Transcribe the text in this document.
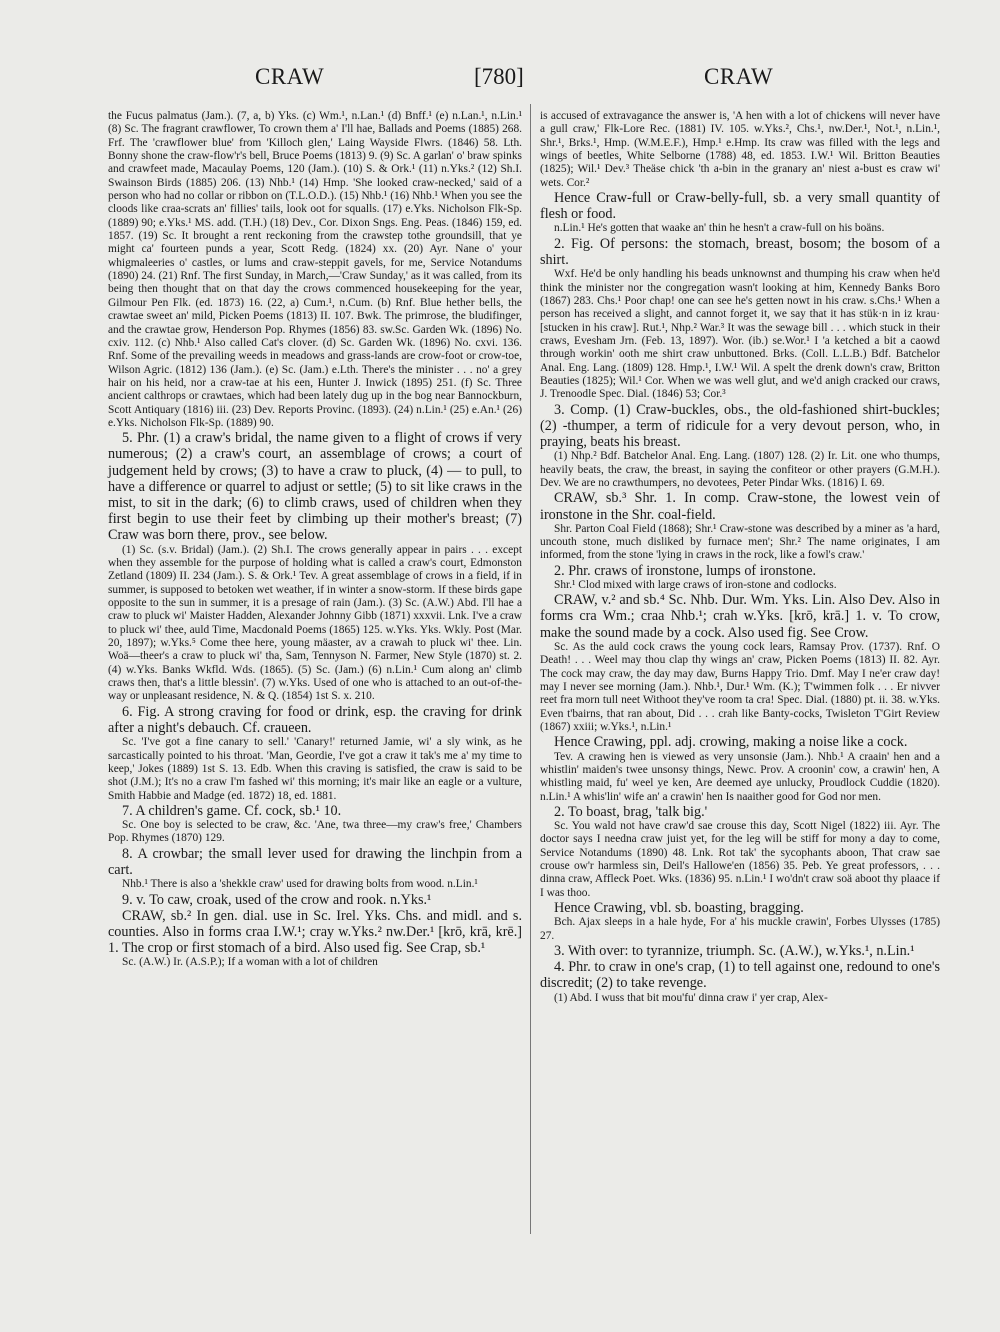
CRAW	[780]	CRAW

the Fucus palmatus (Jam.). (7, a, b) Yks. (c) Wm.¹, n.Lan.¹ (d) Bnff.¹ (e) n.Lan.¹, n.Lin.¹ (8) Sc. The fragrant crawflower, To crown them a' I'll hae, Ballads and Poems (1885) 268. Frf. The 'crawflower blue' from 'Killoch glen,' Laing Wayside Flwrs. (1846) 58. Lth. Bonny shone the craw-flow'r's bell, Bruce Poems (1813) 9. (9) Sc. A garlan' o' braw spinks and crawfeet made, Macaulay Poems, 120 (Jam.). (10) S. & Ork.¹ (11) n.Yks.² (12) Sh.I. Swainson Birds (1885) 206. (13) Nhb.¹ (14) Hmp. 'She looked craw-necked,' said of a person who had no collar or ribbon on (T.L.O.D.). (15) Nhb.¹ (16) Nhb.¹ When you see the cloods like craa-scrats an' fillies' tails, look oot for squalls. (17) e.Yks. Nicholson Flk-Sp. (1889) 90; e.Yks.¹ MS. add. (T.H.) (18) Dev., Cor. Dixon Sngs. Eng. Peas. (1846) 159, ed. 1857. (19) Sc. It brought a rent reckoning from the crawstep tothe groundsill, that ye might ca' fourteen punds a year, Scott Redg. (1824) xx. (20) Ayr. Nane o' your whigmaleeries o' castles, or lums and craw-steppit gavels, for me, Service Notandums (1890) 24. (21) Rnf. The first Sunday, in March,—'Craw Sunday,' as it was called, from its being then thought that on that day the crows commenced housekeeping for the year, Gilmour Pen Flk. (ed. 1873) 16. (22, a) Cum.¹, n.Cum. (b) Rnf. Blue hether bells, the crawtae sweet an' mild, Picken Poems (1813) II. 107. Bwk. The primrose, the bludifinger, and the crawtae grow, Henderson Pop. Rhymes (1856) 83. sw.Sc. Garden Wk. (1896) No. cxiv. 112. (c) Nhb.¹ Also called Cat's clover. (d) Sc. Garden Wk. (1896) No. cxvi. 136. Rnf. Some of the prevailing weeds in meadows and grass-lands are crow-foot or crow-toe, Wilson Agric. (1812) 136 (Jam.). (e) Sc. (Jam.) e.Lth. There's the minister . . . no' a grey hair on his heid, nor a craw-tae at his een, Hunter J. Inwick (1895) 251. (f) Sc. Three ancient calthrops or crawtaes, which had been lately dug up in the bog near Bannockburn, Scott Antiquary (1816) iii. (23) Dev. Reports Provinc. (1893). (24) n.Lin.¹ (25) e.An.¹ (26) e.Yks. Nicholson Flk-Sp. (1889) 90.

5. Phr. (1) a craw's bridal, the name given to a flight of crows if very numerous; (2) a craw's court, an assemblage of crows; a court of judgement held by crows; (3) to have a craw to pluck, (4) — to pull, to have a difference or quarrel to adjust or settle; (5) to sit like craws in the mist, to sit in the dark; (6) to climb craws, used of children when they first begin to use their feet by climbing up their mother's breast; (7) Craw was born there, prov., see below.

(1) Sc. (s.v. Bridal) (Jam.). (2) Sh.I. The crows generally appear in pairs . . . except when they assemble for the purpose of holding what is called a craw's court, Edmonston Zetland (1809) II. 234 (Jam.). S. & Ork.¹ Tev. A great assemblage of crows in a field, if in summer, is supposed to betoken wet weather, if in winter a snow-storm. If these birds gape opposite to the sun in summer, it is a presage of rain (Jam.). (3) Sc. (A.W.) Abd. I'll hae a craw to pluck wi' Maister Hadden, Alexander Johnny Gibb (1871) xxxvii. Lnk. I've a craw to pluck wi' thee, auld Time, Macdonald Poems (1865) 125. w.Yks. Yks. Wkly. Post (Mar. 20, 1897); w.Yks.⁵ Come thee here, young mäaster, av a crawah to pluck wi' thee. Lin. Woä—theer's a craw to pluck wi' tha, Sam, Tennyson N. Farmer, New Style (1870) st. 2. (4) w.Yks. Banks Wkfld. Wds. (1865). (5) Sc. (Jam.) (6) n.Lin.¹ Cum along an' climb craws then, that's a little blessin'. (7) w.Yks. Used of one who is attached to an out-of-the-way or unpleasant residence, N. & Q. (1854) 1st S. x. 210.

6. Fig. A strong craving for food or drink, esp. the craving for drink after a night's debauch. Cf. craueen.

Sc. 'I've got a fine canary to sell.' 'Canary!' returned Jamie, wi' a sly wink, as he sarcastically pointed to his throat. 'Man, Geordie, I've got a craw it tak's me a' my time to keep,' Jokes (1889) 1st S. 13. Edb. When this craving is satisfied, the craw is said to be shot (J.M.); It's no a craw I'm fashed wi' this morning; it's mair like an eagle or a vulture, Smith Habbie and Madge (ed. 1872) 18, ed. 1881.

7. A children's game. Cf. cock, sb.¹ 10.

Sc. One boy is selected to be craw, &c. 'Ane, twa three—my craw's free,' Chambers Pop. Rhymes (1870) 129.

8. A crowbar; the small lever used for drawing the linchpin from a cart.

Nhb.¹ There is also a 'shekkle craw' used for drawing bolts from wood. n.Lin.¹

9. v. To caw, croak, used of the crow and rook. n.Yks.¹

CRAW, sb.² In gen. dial. use in Sc. Irel. Yks. Chs. and midl. and s. counties. Also in forms craa I.W.¹; cray w.Yks.² nw.Der.¹ [krō, krā, krē.] 1. The crop or first stomach of a bird. Also used fig. See Crap, sb.¹

Sc. (A.W.) Ir. (A.S.P.); If a woman with a lot of children

is accused of extravagance the answer is, 'A hen with a lot of chickens will never have a gull craw,' Flk-Lore Rec. (1881) IV. 105. w.Yks.², Chs.¹, nw.Der.¹, Not.¹, n.Lin.¹, Shr.¹, Brks.¹, Hmp. (W.M.E.F.), Hmp.¹ e.Hmp. Its craw was filled with the legs and wings of beetles, White Selborne (1788) 48, ed. 1853. I.W.¹ Wil. Britton Beauties (1825); Wil.¹ Dev.³ Theäse chick 'th a-bin in the granary an' niest a-bust es craw wi' wets. Cor.²

Hence Craw-full or Craw-belly-full, sb. a very small quantity of flesh or food.

n.Lin.¹ He's gotten that waake an' thin he hesn't a craw-full on his boäns.

2. Fig. Of persons: the stomach, breast, bosom; the bosom of a shirt.

Wxf. He'd be only handling his beads unknownst and thumping his craw when he'd think the minister nor the congregation wasn't looking at him, Kennedy Banks Boro (1867) 283. Chs.¹ Poor chap! one can see he's getten nowt in his craw. s.Chs.¹ When a person has received a slight, and cannot forget it, we say that it has stük·n in iz krau· [stucken in his craw]. Rut.¹, Nhp.² War.³ It was the sewage bill . . . which stuck in their craws, Evesham Jrn. (Feb. 13, 1897). Wor. (ib.) se.Wor.¹ I 'a ketched a bit a caowd through workin' ooth me shirt craw unbuttoned. Brks. (Coll. L.L.B.) Bdf. Batchelor Anal. Eng. Lang. (1809) 128. Hmp.¹, I.W.¹ Wil. A spelt the drenk down's craw, Britton Beauties (1825); Wil.¹ Cor. When we was well glut, and we'd anigh cracked our craws, J. Trenoodle Spec. Dial. (1846) 53; Cor.³

3. Comp. (1) Craw-buckles, obs., the old-fashioned shirt-buckles; (2) -thumper, a term of ridicule for a very devout person, who, in praying, beats his breast.

(1) Nhp.² Bdf. Batchelor Anal. Eng. Lang. (1807) 128. (2) Ir. Lit. one who thumps, heavily beats, the craw, the breast, in saying the confiteor or other prayers (G.M.H.). Dev. We are no crawthumpers, no devotees, Peter Pindar Wks. (1816) I. 69.

CRAW, sb.³ Shr. 1. In comp. Craw-stone, the lowest vein of ironstone in the Shr. coal-field.

Shr. Parton Coal Field (1868); Shr.¹ Craw-stone was described by a miner as 'a hard, uncouth stone, much disliked by furnace men'; Shr.² The name originates, I am informed, from the stone 'lying in craws in the rock, like a fowl's craw.'

2. Phr. craws of ironstone, lumps of ironstone.

Shr.¹ Clod mixed with large craws of iron-stone and codlocks.

CRAW, v.² and sb.⁴ Sc. Nhb. Dur. Wm. Yks. Lin. Also Dev. Also in forms cra Wm.; craa Nhb.¹; crah w.Yks. [krō, krā.] 1. v. To crow, make the sound made by a cock. Also used fig. See Crow.

Sc. As the auld cock craws the young cock lears, Ramsay Prov. (1737). Rnf. O Death! . . . Weel may thou clap thy wings an' craw, Picken Poems (1813) II. 82. Ayr. The cock may craw, the day may daw, Burns Happy Trio. Dmf. May I ne'er craw day! may I never see morning (Jam.). Nhb.¹, Dur.¹ Wm. (K.); T'wimmen folk . . . Er nivver reet fra morn tull neet Withoot they've room ta cra! Spec. Dial. (1880) pt. ii. 38. w.Yks. Even t'bairns, that ran about, Did . . . crah like Banty-cocks, Twisleton T'Girt Review (1867) xxiii; w.Yks.¹, n.Lin.¹

Hence Crawing, ppl. adj. crowing, making a noise like a cock.

Tev. A crawing hen is viewed as very unsonsie (Jam.). Nhb.¹ A craain' hen and a whistlin' maiden's twee unsonsy things, Newc. Prov. A croonin' cow, a crawin' hen, A whistling maid, fu' weel ye ken, Are deemed aye unlucky, Proudlock Cuddie (1820). n.Lin.¹ A whis'lin' wife an' a crawin' hen Is naaither good for God nor men.

2. To boast, brag, 'talk big.'

Sc. You wald not have craw'd sae crouse this day, Scott Nigel (1822) iii. Ayr. The doctor says I needna craw juist yet, for the leg will be stiff for mony a day to come, Service Notandums (1890) 48. Lnk. Rot tak' the sycophants aboon, That craw sae crouse ow'r harmless sin, Deil's Hallowe'en (1856) 35. Peb. Ye great professors, . . . dinna craw, Affleck Poet. Wks. (1836) 95. n.Lin.¹ I wo'dn't craw soä aboot thy plaace if I was thoo.

Hence Crawing, vbl. sb. boasting, bragging.

Bch. Ajax sleeps in a hale hyde, For a' his muckle crawin', Forbes Ulysses (1785) 27.

3. With over: to tyrannize, triumph. Sc. (A.W.), w.Yks.¹, n.Lin.¹

4. Phr. to craw in one's crap, (1) to tell against one, redound to one's discredit; (2) to take revenge.

(1) Abd. I wuss that bit mou'fu' dinna craw i' yer crap, Alex-
